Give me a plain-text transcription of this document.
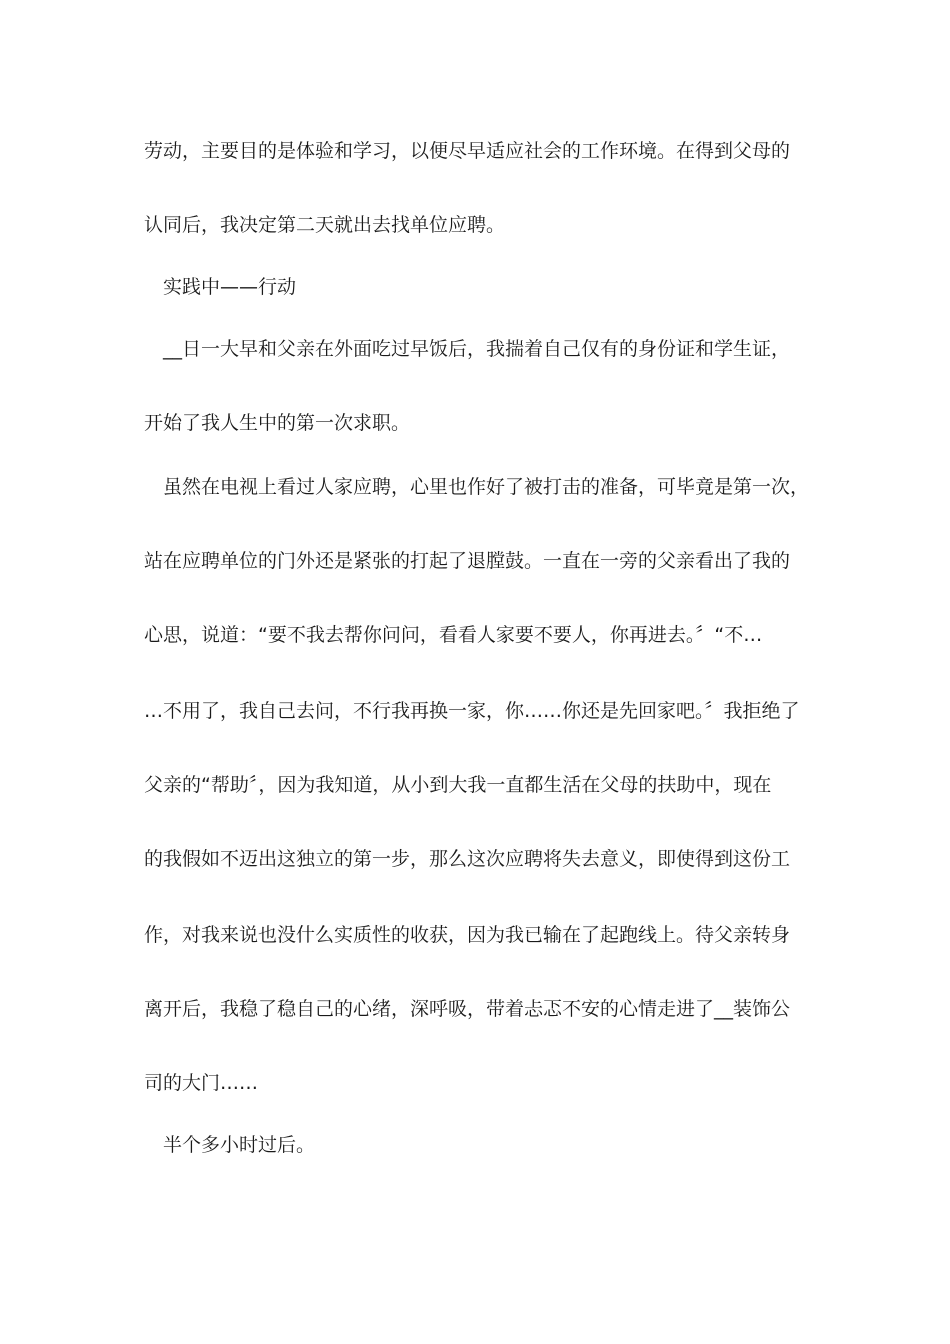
劳动，主要目的是体验和学习，以便尽早适应社会的工作环境。在得到父母的
认同后，我决定第二天就出去找单位应聘。
实践中——行动
__日一大早和父亲在外面吃过早饭后，我揣着自己仅有的身份证和学生证，
开始了我人生中的第一次求职。
虽然在电视上看过人家应聘，心里也作好了被打击的准备，可毕竟是第一次，
站在应聘单位的门外还是紧张的打起了退膛鼓。一直在一旁的父亲看出了我的
心思，说道：“要不我去帮你问问，看看人家要不要人，你再进去。〞“不…
…不用了，我自己去问，不行我再换一家，你……你还是先回家吧。〞我拒绝了
父亲的“帮助〞，因为我知道，从小到大我一直都生活在父母的扶助中，现在
的我假如不迈出这独立的第一步，那么这次应聘将失去意义，即使得到这份工
作，对我来说也没什么实质性的收获，因为我已输在了起跑线上。待父亲转身
离开后，我稳了稳自己的心绪，深呼吸，带着忐忑不安的心情走进了__装饰公
司的大门……
半个多小时过后。
